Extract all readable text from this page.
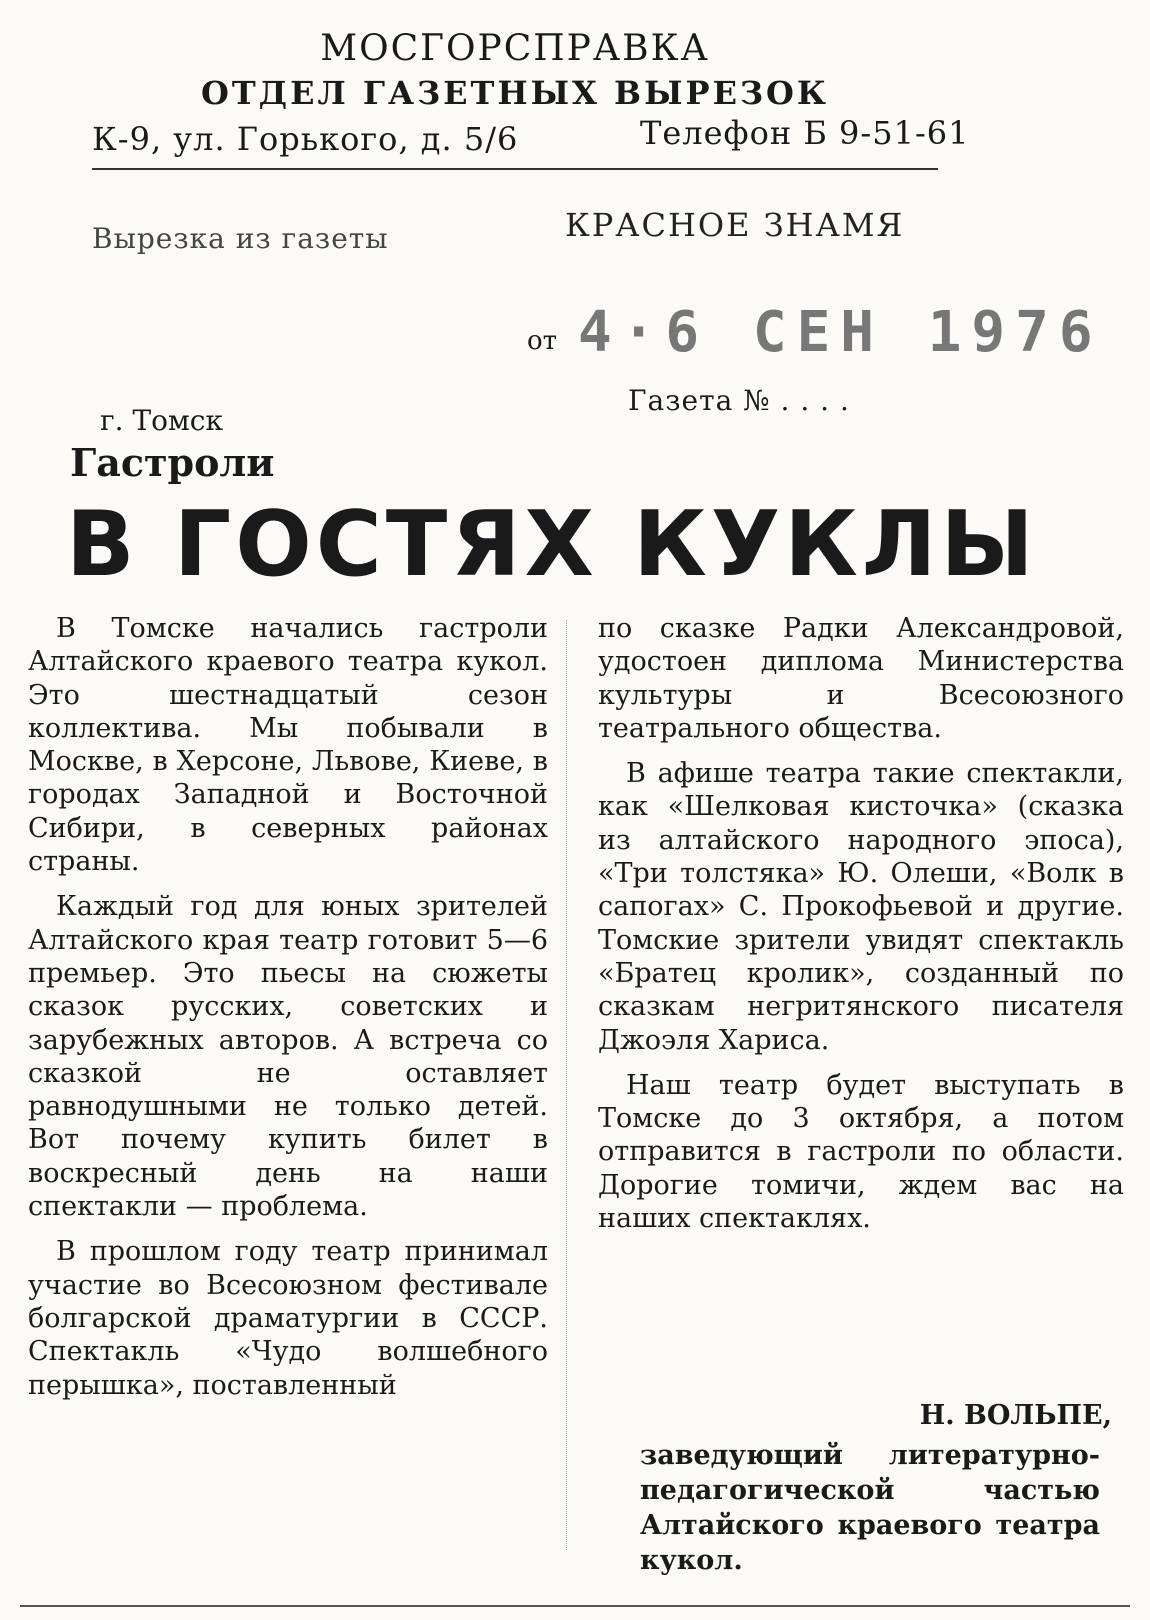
МОСГОРСПРАВКА
ОТДЕЛ ГАЗЕТНЫХ ВЫРЕЗОК
К-9, ул. Горького, д. 5/6	Телефон Б 9-51-61
Вырезка из газеты	КРАСНОЕ ЗНАМЯ
от 4·6 СЕН 1976
Газета № . . . .
г. Томск
Гастроли
В ГОСТЯХ КУКЛЫ

В Томске начались гастроли Алтайского краевого театра кукол. Это шестнадцатый сезон коллектива. Мы побывали в Москве, в Херсоне, Львове, Киеве, в городах Западной и Восточной Сибири, в северных районах страны.

Каждый год для юных зрителей Алтайского края театр готовит 5—6 премьер. Это пьесы на сюжеты сказок русских, советских и зарубежных авторов. А встреча со сказкой не оставляет равнодушными не только детей. Вот почему купить билет в воскресный день на наши спектакли — проблема.

В прошлом году театр принимал участие во Всесоюзном фестивале болгарской драматургии в СССР. Спектакль «Чудо волшебного перышка», поставленный

по сказке Радки Александровой, удостоен диплома Министерства культуры и Всесоюзного театрального общества.

В афише театра такие спектакли, как «Шелковая кисточка» (сказка из алтайского народного эпоса), «Три толстяка» Ю. Олеши, «Волк в сапогах» С. Прокофьевой и другие. Томские зрители увидят спектакль «Братец кролик», созданный по сказкам негритянского писателя Джоэля Хариса.

Наш театр будет выступать в Томске до 3 октября, а потом отправится в гастроли по области. Дорогие томичи, ждем вас на наших спектаклях.

Н. ВОЛЬПЕ,
заведующий литературно-педагогической частью Алтайского краевого театра кукол.
